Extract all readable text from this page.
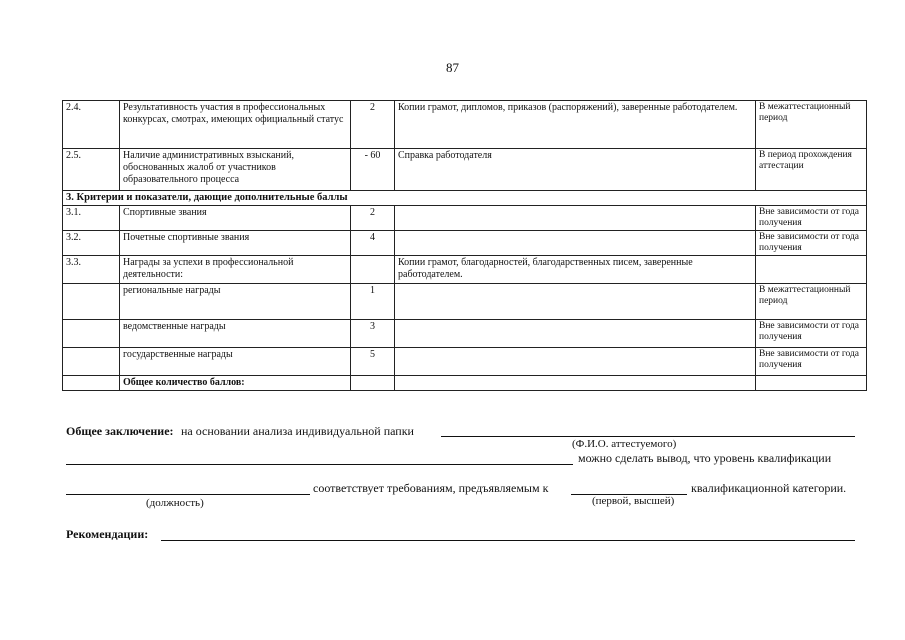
87
2.4.	Результативность участия в профессиональных конкурсах, смотрах, имеющих официальный статус	2	Копии грамот, дипломов, приказов (распоряжений), заверенные работодателем.	В межаттестационный период
2.5.	Наличие административных взысканий, обоснованных жалоб от участников образовательного процесса	- 60	Справка работодателя	В период прохождения аттестации
3. Критерии и показатели, дающие дополнительные баллы				
3.1.	Спортивные звания	2		Вне зависимости от года получения
3.2.	Почетные спортивные звания	4		Вне зависимости от года получения
3.3.	Награды за успехи в профессиональной деятельности:		Копии грамот, благодарностей, благодарственных писем, заверенные работодателем.	
	региональные награды	1		В межаттестационный период
	ведомственные награды	3		Вне зависимости от года получения
	государственные награды	5		Вне зависимости от года получения
	Общее количество баллов:			
Общее заключение: на основании анализа индивидуальной папки
(Ф.И.О. аттестуемого)
можно сделать вывод, что уровень квалификации
соответствует требованиям, предъявляемым к	квалификационной категории.
(должность)	(первой, высшей)
Рекомендации:
